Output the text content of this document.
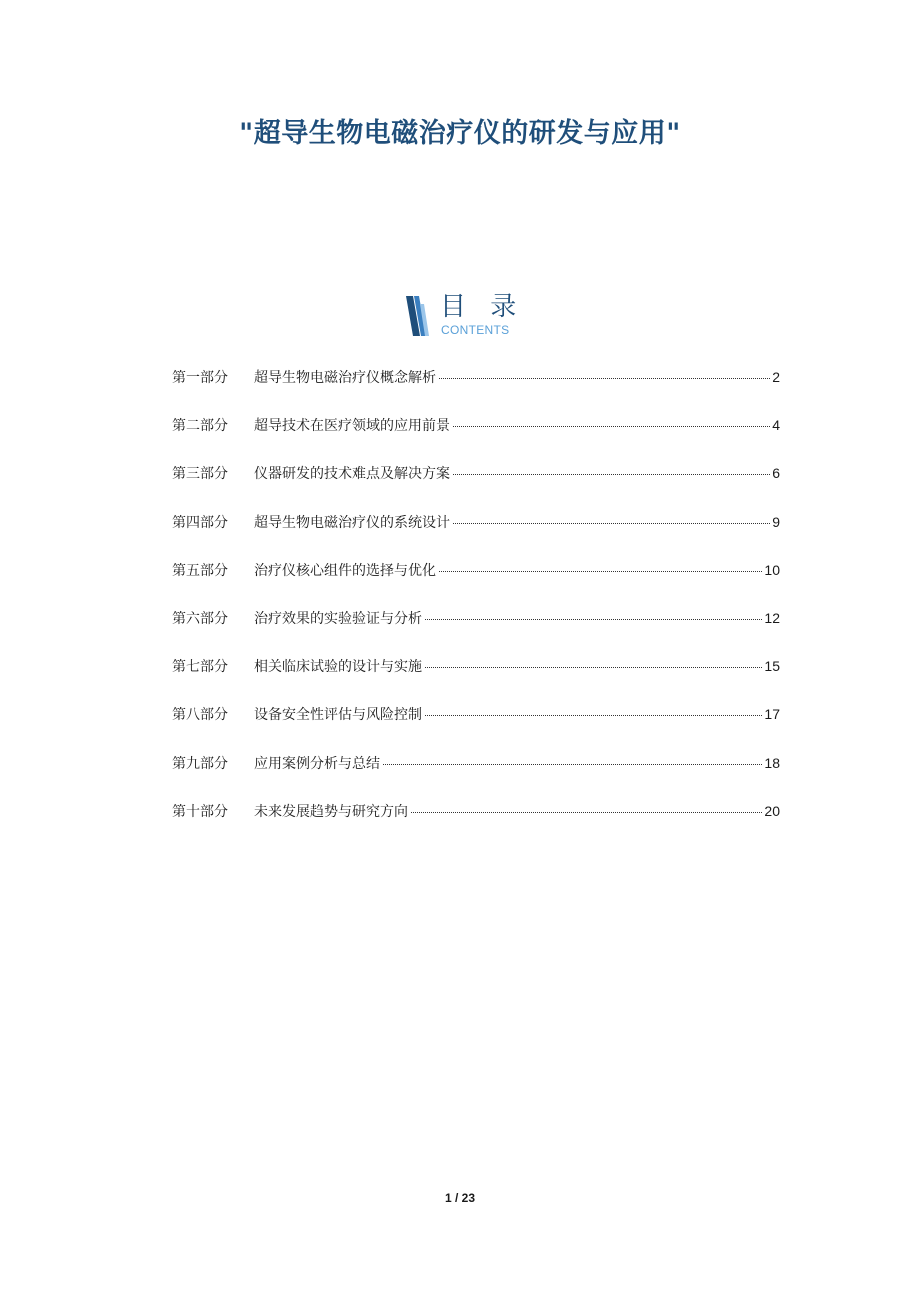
"超导生物电磁治疗仪的研发与应用"
目 录
CONTENTS
第一部分	超导生物电磁治疗仪概念解析	2
第二部分	超导技术在医疗领域的应用前景	4
第三部分	仪器研发的技术难点及解决方案	6
第四部分	超导生物电磁治疗仪的系统设计	9
第五部分	治疗仪核心组件的选择与优化	10
第六部分	治疗效果的实验验证与分析	12
第七部分	相关临床试验的设计与实施	15
第八部分	设备安全性评估与风险控制	17
第九部分	应用案例分析与总结	18
第十部分	未来发展趋势与研究方向	20
1 / 23
